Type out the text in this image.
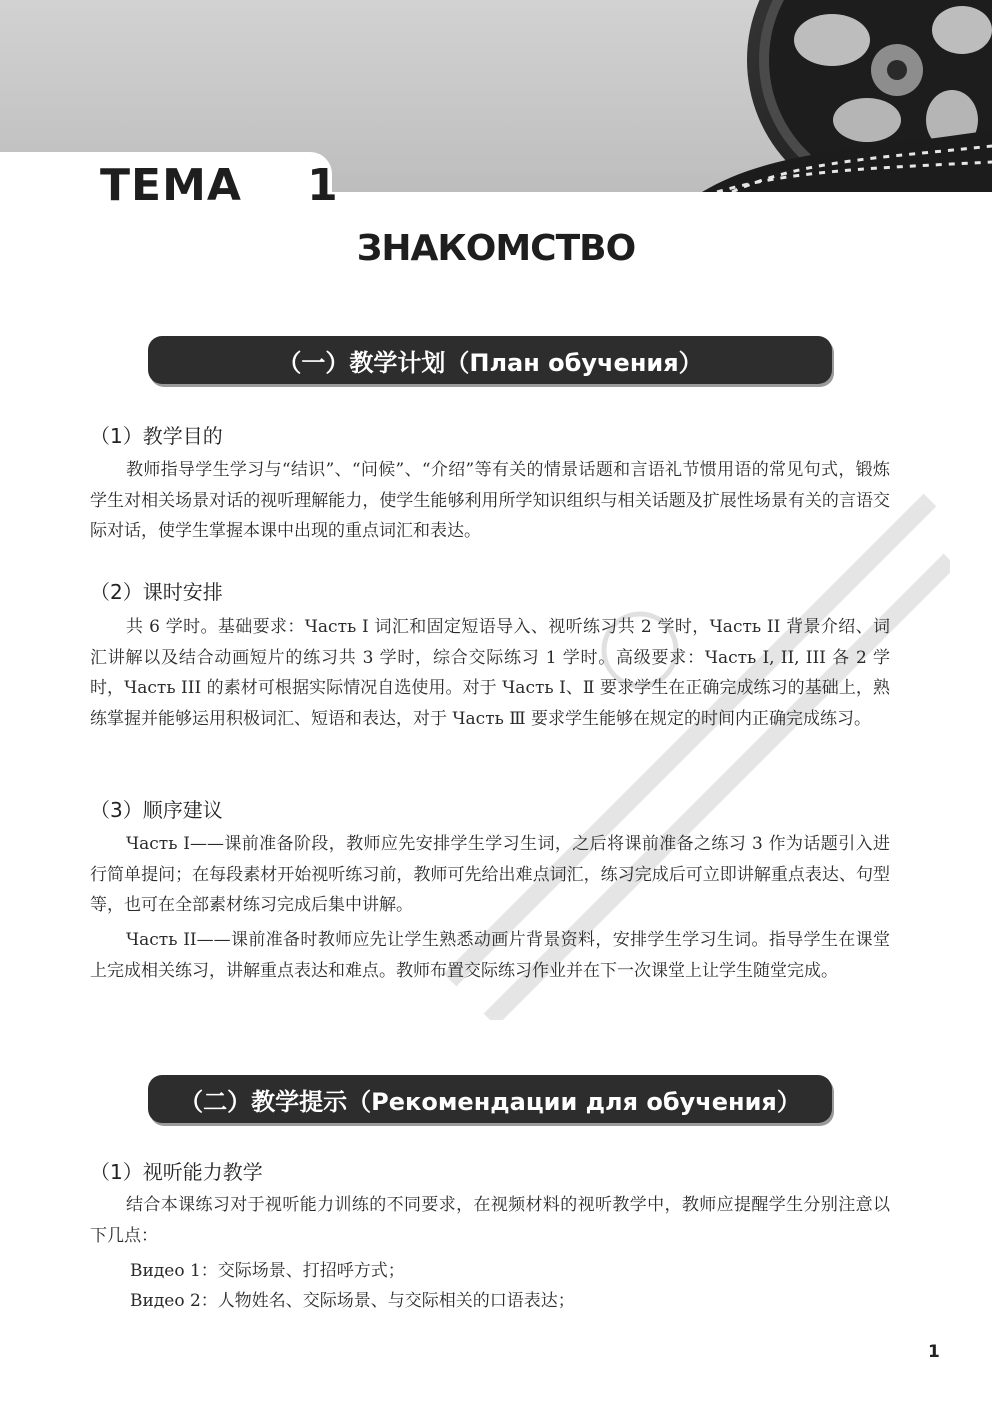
TEMA    1
ЗНАКОМСТВО
（一）教学计划（План обучения）
（1）教学目的

教师指导学生学习与“结识”、“问候”、“介绍”等有关的情景话题和言语礼节惯用语的常见句式，锻炼学生对相关场景对话的视听理解能力，使学生能够利用所学知识组织与相关话题及扩展性场景有关的言语交际对话，使学生掌握本课中出现的重点词汇和表达。

（2）课时安排

共 6 学时。基础要求：Часть I 词汇和固定短语导入、视听练习共 2 学时，Часть II 背景介绍、词汇讲解以及结合动画短片的练习共 3 学时，综合交际练习 1 学时。高级要求：Часть I, II, III 各 2 学时，Часть III 的素材可根据实际情况自选使用。对于 Часть Ⅰ、Ⅱ 要求学生在正确完成练习的基础上，熟练掌握并能够运用积极词汇、短语和表达，对于 Часть Ⅲ 要求学生能够在规定的时间内正确完成练习。

（3）顺序建议

Часть I——课前准备阶段，教师应先安排学生学习生词，之后将课前准备之练习 3 作为话题引入进行简单提问；在每段素材开始视听练习前，教师可先给出难点词汇，练习完成后可立即讲解重点表达、句型等，也可在全部素材练习完成后集中讲解。

Часть II——课前准备时教师应先让学生熟悉动画片背景资料，安排学生学习生词。指导学生在课堂上完成相关练习，讲解重点表达和难点。教师布置交际练习作业并在下一次课堂上让学生随堂完成。

（二）教学提示（Рекомендации для обучения）
（1）视听能力教学

结合本课练习对于视听能力训练的不同要求，在视频材料的视听教学中，教师应提醒学生分别注意以下几点：

Видео 1：交际场景、打招呼方式；
Видео 2：人物姓名、交际场景、与交际相关的口语表达；
1
